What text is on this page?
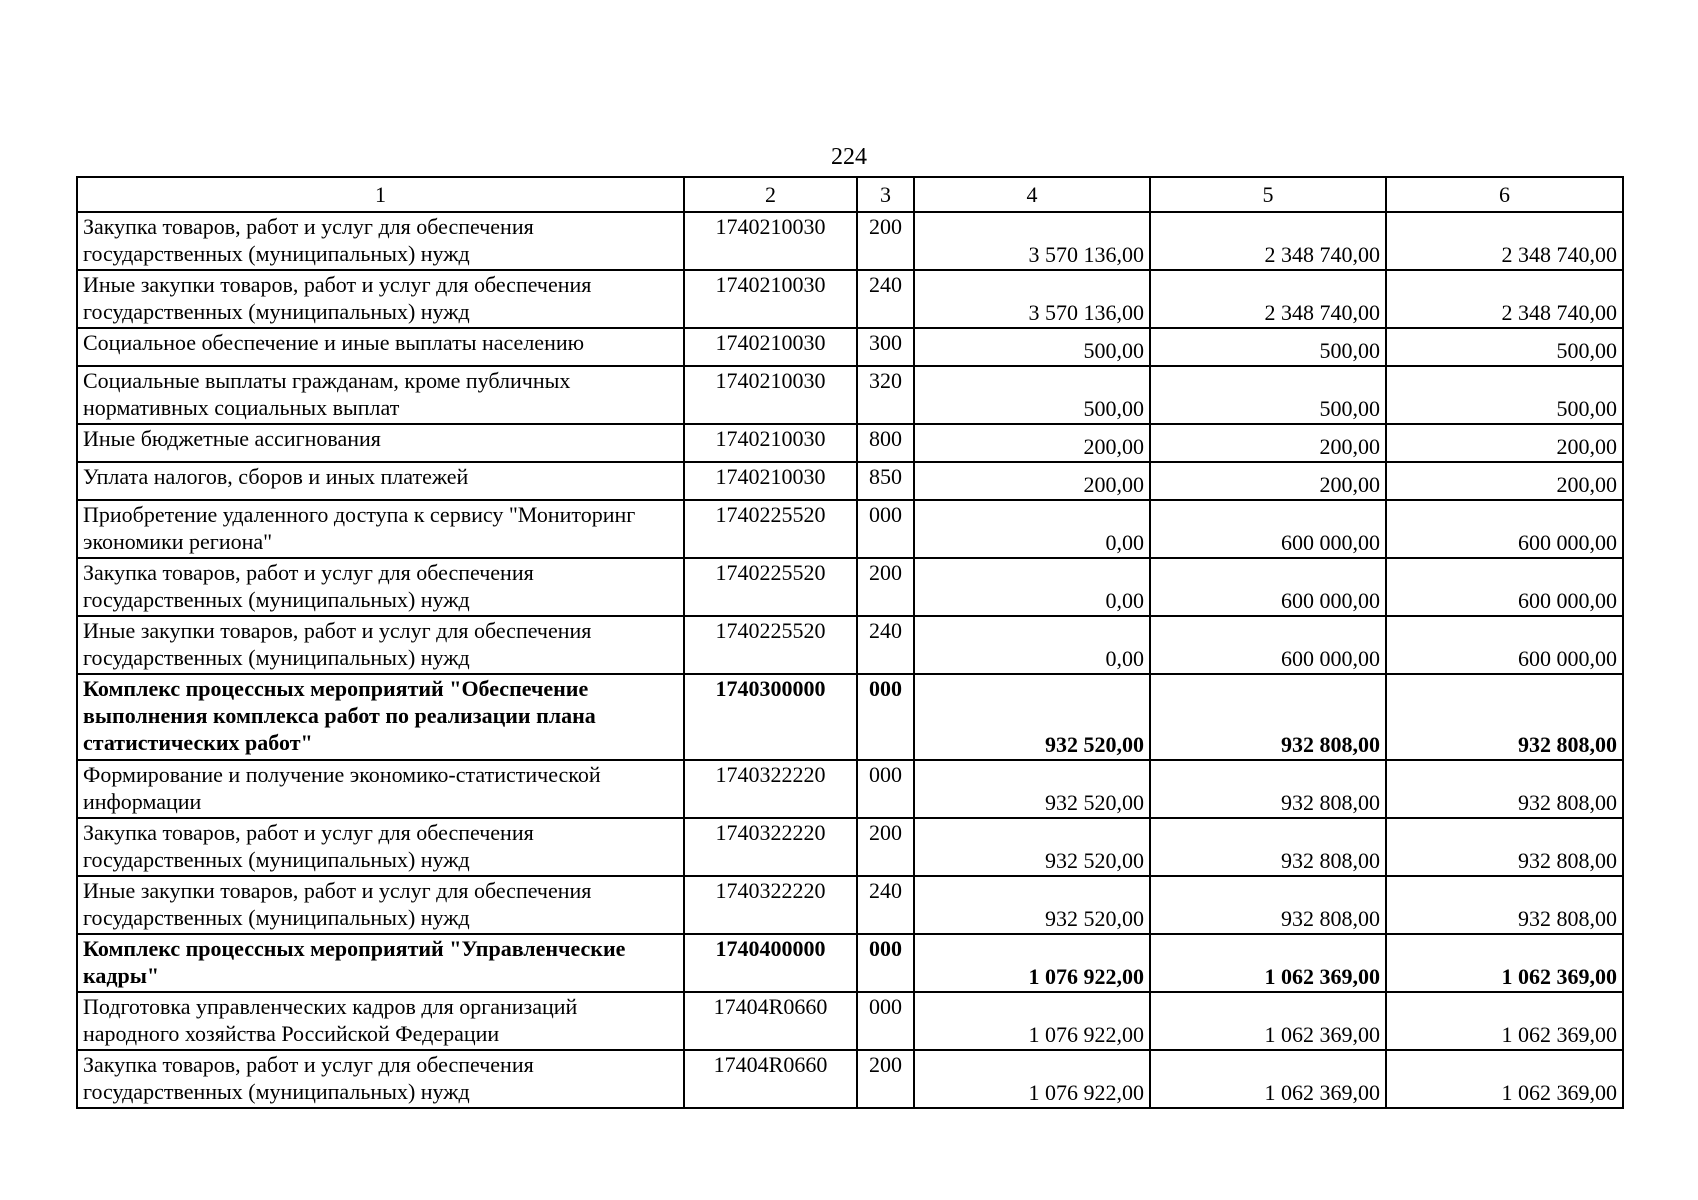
224
1	2	3	4	5	6
Закупка товаров, работ и услуг для обеспечения государственных (муниципальных) нужд	1740210030	200	3 570 136,00	2 348 740,00	2 348 740,00
Иные закупки товаров, работ и услуг для обеспечения государственных (муниципальных) нужд	1740210030	240	3 570 136,00	2 348 740,00	2 348 740,00
Социальное обеспечение и иные выплаты населению	1740210030	300	500,00	500,00	500,00
Социальные выплаты гражданам, кроме публичных нормативных социальных выплат	1740210030	320	500,00	500,00	500,00
Иные бюджетные ассигнования	1740210030	800	200,00	200,00	200,00
Уплата налогов, сборов и иных платежей	1740210030	850	200,00	200,00	200,00
Приобретение удаленного доступа к сервису "Мониторинг экономики региона"	1740225520	000	0,00	600 000,00	600 000,00
Закупка товаров, работ и услуг для обеспечения государственных (муниципальных) нужд	1740225520	200	0,00	600 000,00	600 000,00
Иные закупки товаров, работ и услуг для обеспечения государственных (муниципальных) нужд	1740225520	240	0,00	600 000,00	600 000,00
Комплекс процессных мероприятий "Обеспечение выполнения комплекса работ по реализации плана статистических работ"	1740300000	000	932 520,00	932 808,00	932 808,00
Формирование и получение экономико-статистической информации	1740322220	000	932 520,00	932 808,00	932 808,00
Закупка товаров, работ и услуг для обеспечения государственных (муниципальных) нужд	1740322220	200	932 520,00	932 808,00	932 808,00
Иные закупки товаров, работ и услуг для обеспечения государственных (муниципальных) нужд	1740322220	240	932 520,00	932 808,00	932 808,00
Комплекс процессных мероприятий "Управленческие кадры"	1740400000	000	1 076 922,00	1 062 369,00	1 062 369,00
Подготовка управленческих кадров для организаций народного хозяйства Российской Федерации	17404R0660	000	1 076 922,00	1 062 369,00	1 062 369,00
Закупка товаров, работ и услуг для обеспечения государственных (муниципальных) нужд	17404R0660	200	1 076 922,00	1 062 369,00	1 062 369,00
